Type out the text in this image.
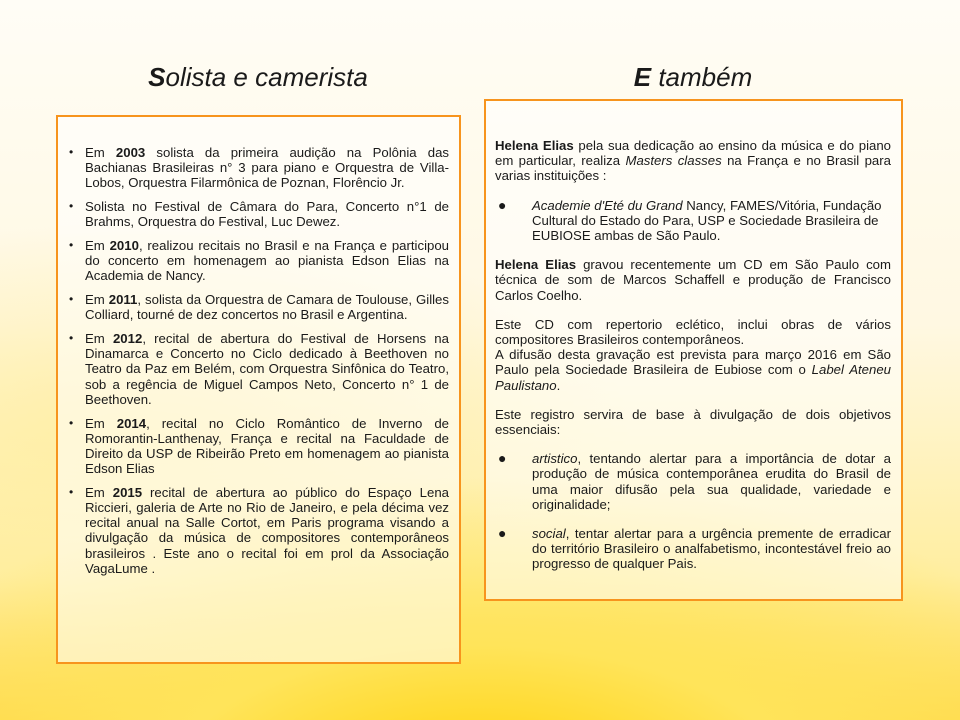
Solista e camerista	E também
• Em 2003 solista da primeira audição na Polônia das Bachianas Brasileiras n° 3 para piano e Orquestra de Villa-Lobos, Orquestra Filarmônica de Poznan, Florêncio Jr.
• Solista no Festival de Câmara do Para, Concerto n°1 de Brahms, Orquestra do Festival, Luc Dewez.
• Em 2010, realizou recitais no Brasil e na França e participou do concerto em homenagem ao pianista Edson Elias na Academia de Nancy.
• Em 2011, solista da Orquestra de Camara de Toulouse, Gilles Colliard, tourné de dez concertos no Brasil e Argentina.
• Em 2012, recital de abertura do Festival de Horsens na Dinamarca e Concerto no Ciclo dedicado à Beethoven no Teatro da Paz em Belém, com Orquestra Sinfônica do Teatro, sob a regência de Miguel Campos Neto, Concerto n° 1 de Beethoven.
• Em 2014, recital no Ciclo Romântico de Inverno de Romorantin-Lanthenay, França e recital na Faculdade de Direito da USP de Ribeirão Preto em homenagem ao pianista Edson Elias
• Em 2015 recital de abertura ao público do Espaço Lena Riccieri, galeria de Arte no Rio de Janeiro, e pela décima vez recital anual na Salle Cortot, em Paris programa visando a divulgação da música de compositores contemporâneos brasileiros . Este ano o recital foi em prol da Associação VagaLume .

Helena Elias pela sua dedicação ao ensino da música e do piano em particular, realiza Masters classes na França e no Brasil para varias instituições :

● Academie d'Eté du Grand Nancy, FAMES/Vitória, Fundação Cultural do Estado do Para, USP e Sociedade Brasileira de EUBIOSE ambas de São Paulo.

Helena Elias gravou recentemente um CD em São Paulo com técnica de som de Marcos Schaffell e produção de Francisco Carlos Coelho.

Este CD com repertorio eclético, inclui obras de vários compositores Brasileiros contemporâneos.

A difusão desta gravação est prevista para março 2016 em São Paulo pela Sociedade Brasileira de Eubiose com o Label Ateneu Paulistano.

Este registro servira de base à divulgação de dois objetivos essenciais:

● artistico, tentando alertar para a importância de dotar a produção de música contemporânea erudita do Brasil de uma maior difusão pela sua qualidade, variedade e originalidade;
● social, tentar alertar para a urgência premente de erradicar do território Brasileiro o analfabetismo, incontestável freio ao progresso de qualquer Pais.
